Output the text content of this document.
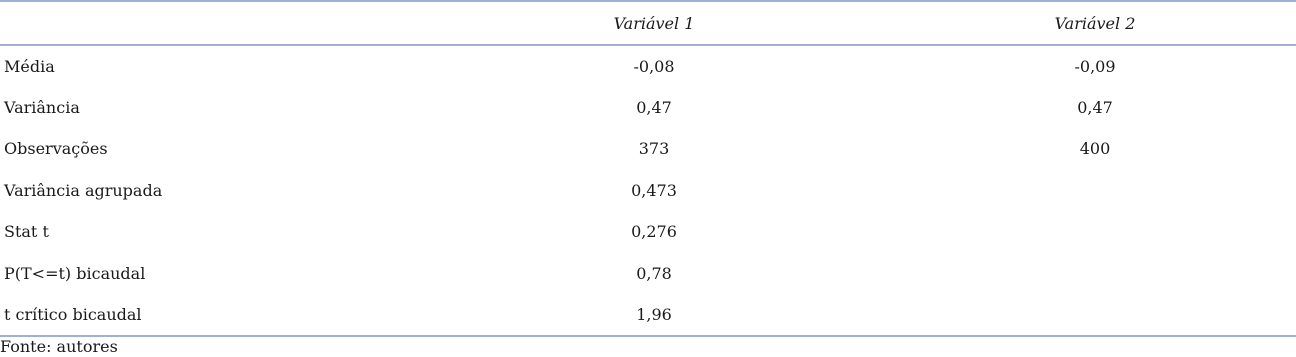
	Variável 1	Variável 2
Média	-0,08	-0,09
Variância	0,47	0,47
Observações	373	400
Variância agrupada	0,473	
Stat t	0,276	
P(T<=t) bicaudal	0,78	
t crítico bicaudal	1,96	
Fonte: autores
